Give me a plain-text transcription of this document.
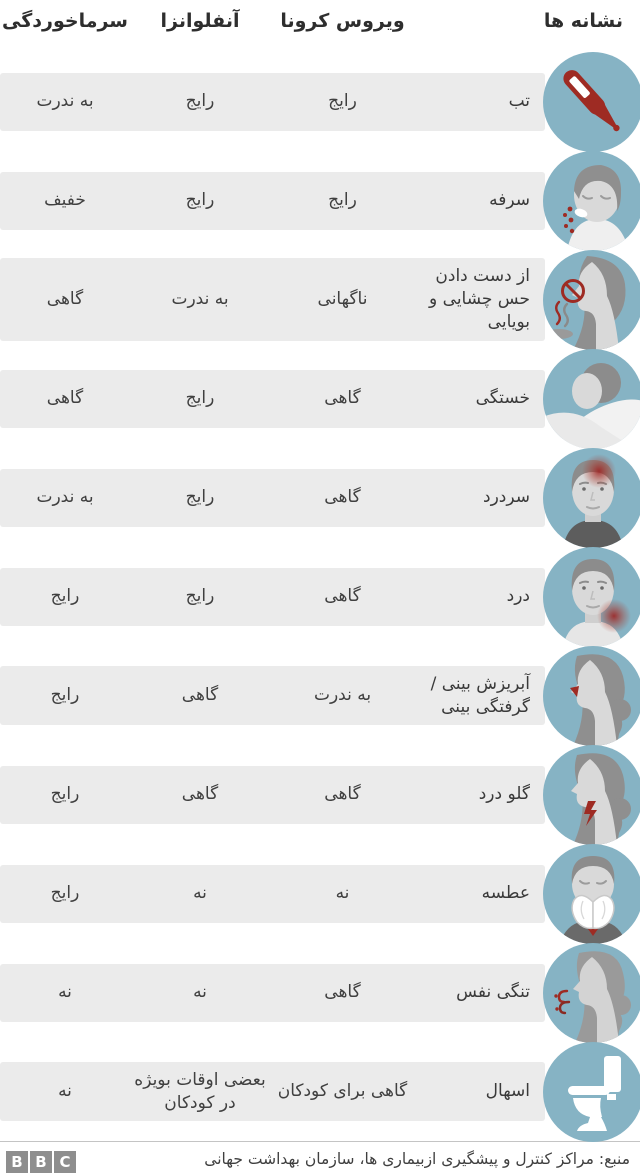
نشانه ها
ویروس کرونا
آنفلوانزا
سرماخوردگی
تب
رایج
رایج
به ندرت
سرفه
رایج
رایج
خفیف
از دست دادن حس چشایی و بویایی
ناگهانی
به ندرت
گاهی
خستگی
گاهی
رایج
گاهی
سردرد
گاهی
رایج
به ندرت
درد
گاهی
رایج
رایج
آبریزش بینی / گرفتگی بینی
به ندرت
گاهی
رایج
گلو درد
گاهی
گاهی
رایج
عطسه
نه
نه
رایج
تنگی نفس
گاهی
نه
نه
اسهال
گاهی برای کودکان
بعضی اوقات بویژه در کودکان
نه
منبع: مراکز کنترل و پیشگیری ازبیماری ها، سازمان بهداشت جهانی
B B C
